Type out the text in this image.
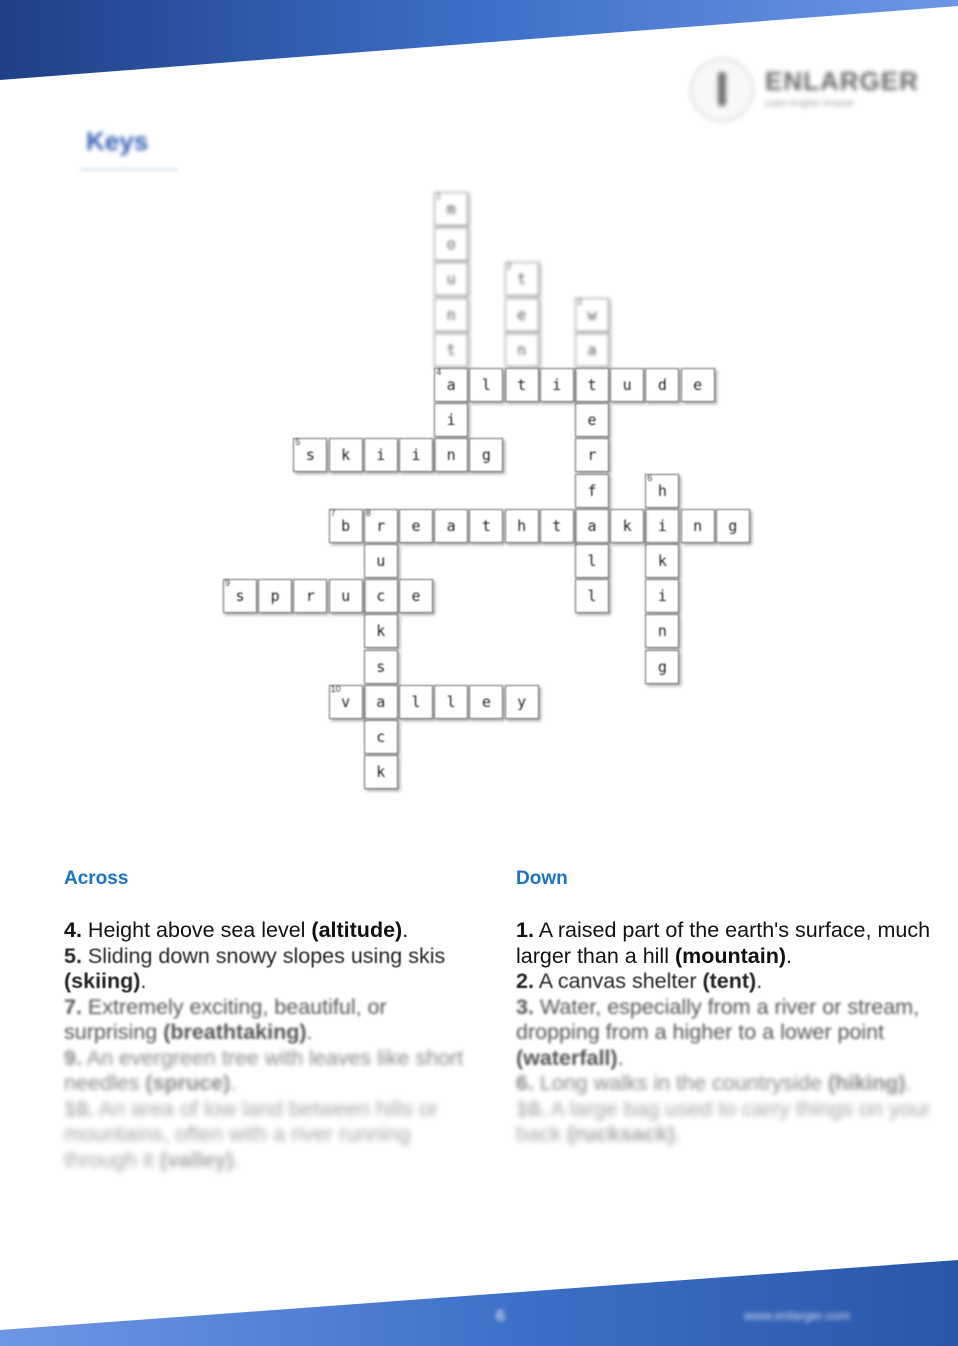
ENLARGER
Learn English Smarter
Keys
m
1
o
u
n
t
a
4
i
n
t
2
e
n
t
w
3
a
t
e
r
f
a
l
l
l	i	u d e
s
5
k i i	g
h
6
i
k
i
n
g
b
7
r
8
e a t h t	k	n g
u
c
k
s
a
c
k
s
9
p r u	e
v
10
l l e y
Across	Down
4. Height above sea level (altitude).
5. Sliding down snowy slopes using skis (skiing).
7. Extremely exciting, beautiful, or surprising (breathtaking).
9. An evergreen tree with leaves like short needles (spruce).
10. An area of low land between hills or mountains, often with a river running through it (valley).
1. A raised part of the earth's surface, much larger than a hill (mountain).
2. A canvas shelter (tent).
3. Water, especially from a river or stream, dropping from a higher to a lower point (waterfall).
6. Long walks in the countryside (hiking).
10. A large bag used to carry things on your back (rucksack).
6	www.enlarger.com
